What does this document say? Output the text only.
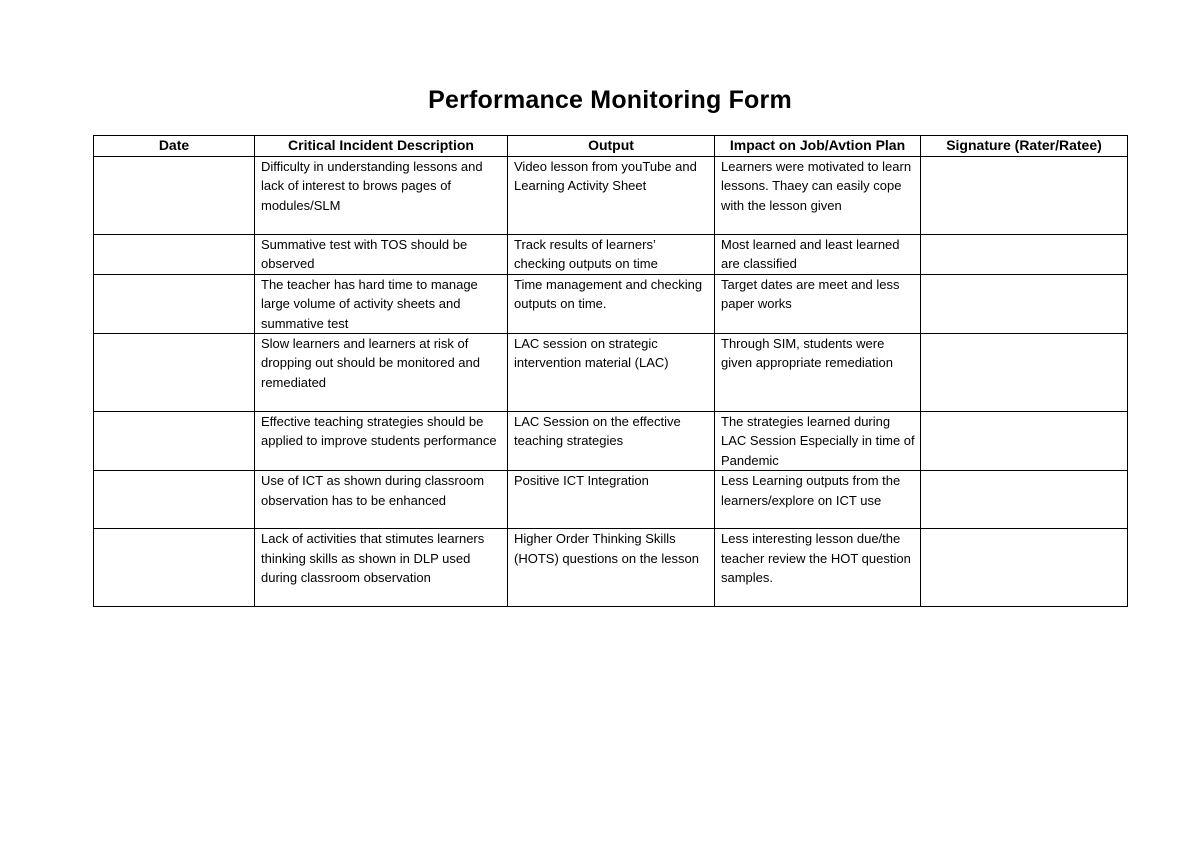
Performance Monitoring Form
Date	Critical Incident Description	Output	Impact on Job/Avtion Plan	Signature (Rater/Ratee)
	Difficulty in understanding lessons and lack of interest to brows pages of modules/SLM	Video lesson from youTube and Learning Activity Sheet	Learners were motivated to learn lessons. Thaey can easily cope with the lesson given	
	Summative test with TOS should be observed	Track results of learners’ checking outputs on time	Most learned and least learned are classified	
	The teacher has hard time to manage large volume of activity sheets and summative test	Time management and checking outputs on time.	Target dates are meet and less paper works	
	Slow learners and learners at risk of dropping out should be monitored and remediated	LAC session on strategic intervention material (LAC)	Through SIM, students were given appropriate remediation	
	Effective teaching strategies should be applied to improve students performance	LAC Session on the effective teaching strategies	The strategies learned during LAC Session Especially in time of Pandemic	
	Use of ICT as shown during classroom observation has to be enhanced	Positive ICT Integration	Less Learning outputs from the learners/explore on ICT use	
	Lack of activities that stimutes learners thinking skills as shown in DLP used during classroom observation	Higher Order Thinking Skills (HOTS) questions on the lesson	Less interesting lesson due/the teacher review the HOT question samples.	
